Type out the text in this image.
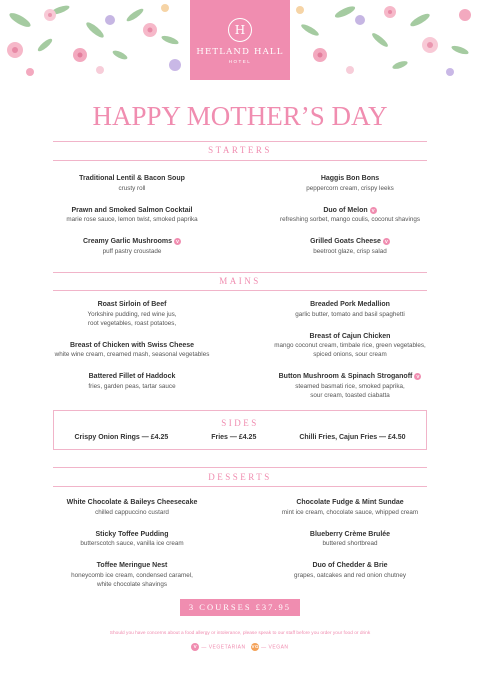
H
HETLAND HALL
HOTEL
HAPPY MOTHER’S DAY
STARTERS
Traditional Lentil & Bacon Soup
crusty roll
Prawn and Smoked Salmon Cocktail
marie rose sauce, lemon twist, smoked paprika
Creamy Garlic Mushrooms V
puff pastry croustade
Haggis Bon Bons
peppercorn cream, crispy leeks
Duo of Melon V
refreshing sorbet, mango coulis, coconut shavings
Grilled Goats Cheese V
beetroot glaze, crisp salad
MAINS
Roast Sirloin of Beef
Yorkshire pudding, red wine jus,
root vegetables, roast potatoes,
Breast of Chicken with Swiss Cheese
white wine cream, creamed mash, seasonal vegetables
Battered Fillet of Haddock
fries, garden peas, tartar sauce
Breaded Pork Medallion
garlic butter, tomato and basil spaghetti
Breast of Cajun Chicken
mango coconut cream, timbale rice, green vegetables,
spiced onions, sour cream
Button Mushroom & Spinach Stroganoff V
steamed basmati rice, smoked paprika,
sour cream, toasted ciabatta
SIDES
Crispy Onion Rings — £4.25	Fries — £4.25	Chilli Fries, Cajun Fries — £4.50
DESSERTS
White Chocolate & Baileys Cheesecake
chilled cappuccino custard
Sticky Toffee Pudding
butterscotch sauce, vanilla ice cream
Toffee Meringue Nest
honeycomb ice cream, condensed caramel,
white chocolate shavings
Chocolate Fudge & Mint Sundae
mint ice cream, chocolate sauce, whipped cream
Blueberry Crème Brulée
buttered shortbread
Duo of Chedder & Brie
grapes, oatcakes and red onion chutney
3 COURSES £37.95
Should you have concerns about a food allergy or intolerance, please speak to our staff before you order your food or drink
V — VEGETARIAN VG — VEGAN
